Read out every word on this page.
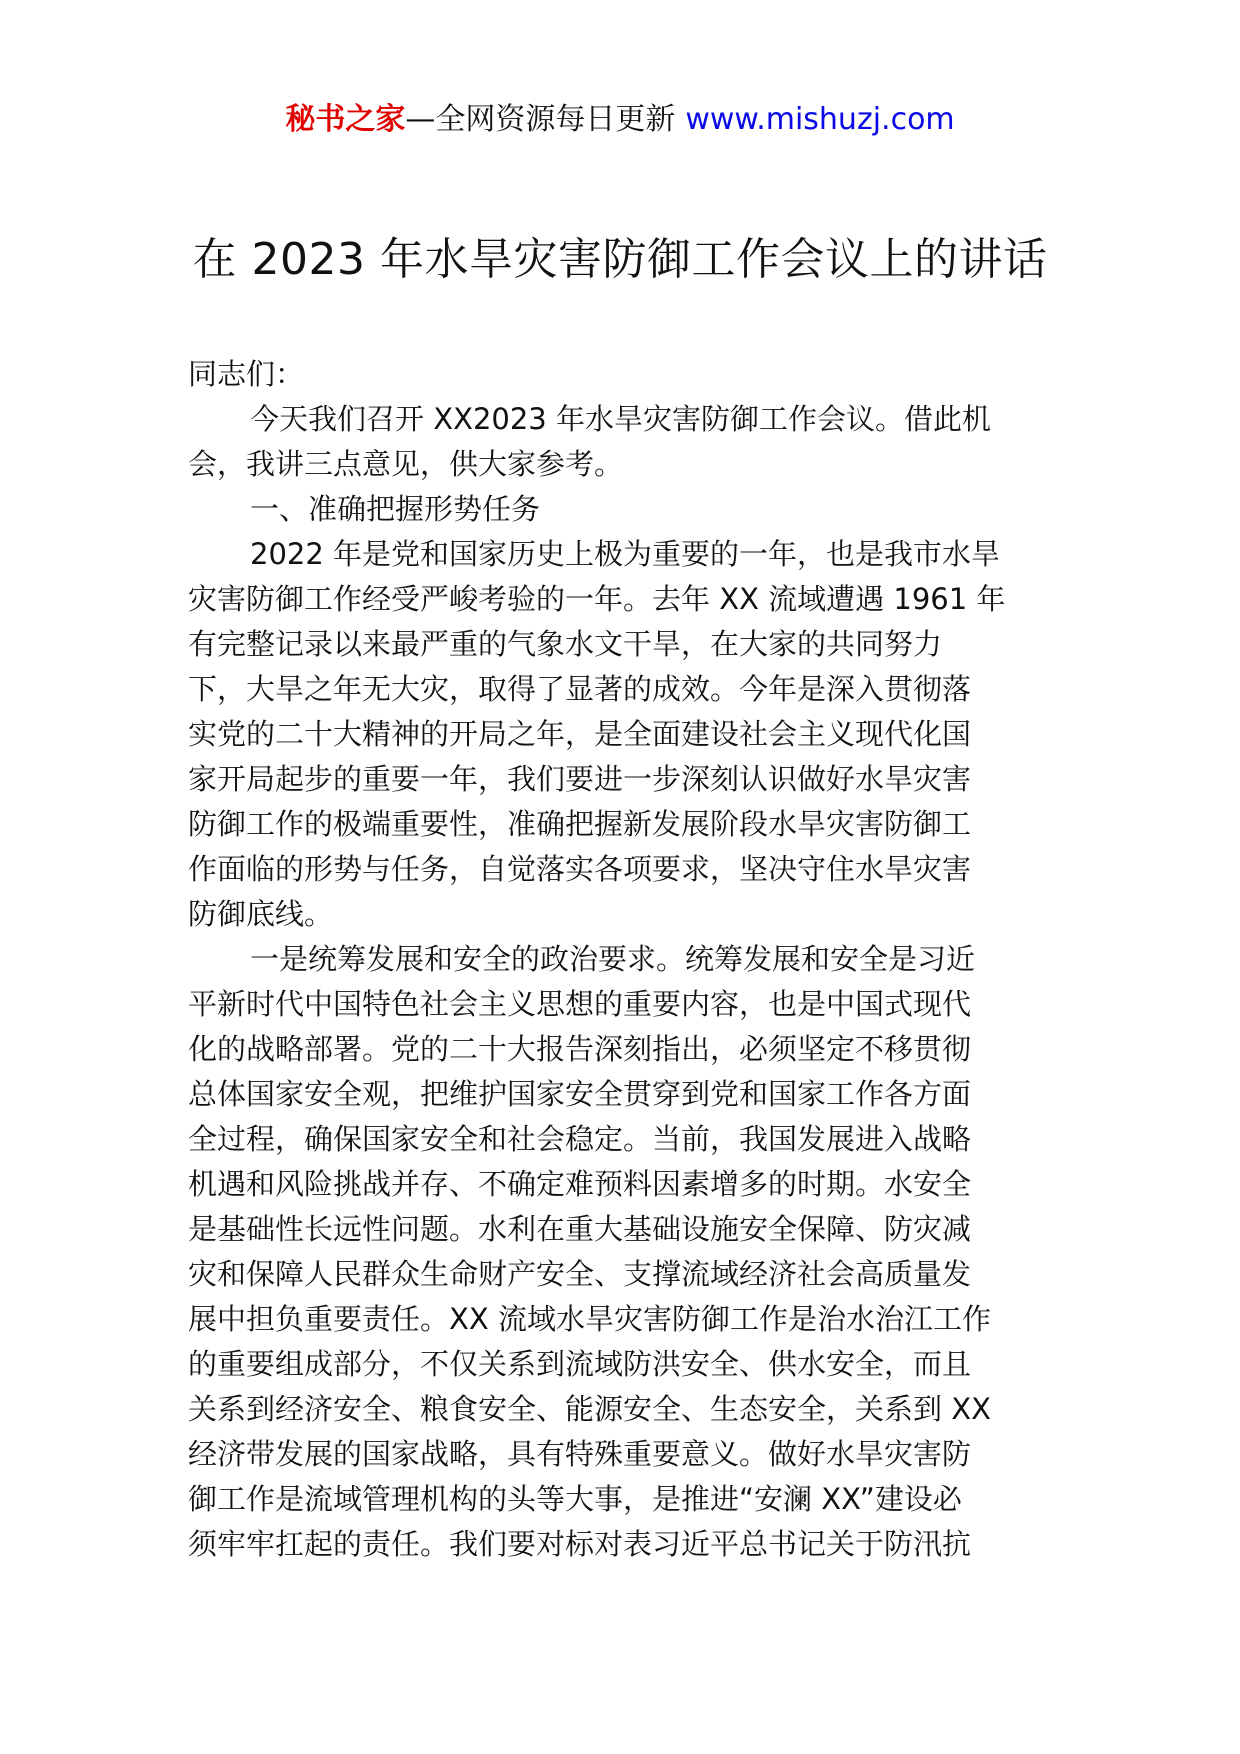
秘书之家—全网资源每日更新 www.mishuzj.com
在 2023 年水旱灾害防御工作会议上的讲话
同志们：
今天我们召开 XX2023 年水旱灾害防御工作会议。借此机
会，我讲三点意见，供大家参考。
一、准确把握形势任务
2022 年是党和国家历史上极为重要的一年，也是我市水旱
灾害防御工作经受严峻考验的一年。去年 XX 流域遭遇 1961 年
有完整记录以来最严重的气象水文干旱，在大家的共同努力
下，大旱之年无大灾，取得了显著的成效。今年是深入贯彻落
实党的二十大精神的开局之年，是全面建设社会主义现代化国
家开局起步的重要一年，我们要进一步深刻认识做好水旱灾害
防御工作的极端重要性，准确把握新发展阶段水旱灾害防御工
作面临的形势与任务，自觉落实各项要求，坚决守住水旱灾害
防御底线。
一是统筹发展和安全的政治要求。统筹发展和安全是习近
平新时代中国特色社会主义思想的重要内容，也是中国式现代
化的战略部署。党的二十大报告深刻指出，必须坚定不移贯彻
总体国家安全观，把维护国家安全贯穿到党和国家工作各方面
全过程，确保国家安全和社会稳定。当前，我国发展进入战略
机遇和风险挑战并存、不确定难预料因素增多的时期。水安全
是基础性长远性问题。水利在重大基础设施安全保障、防灾减
灾和保障人民群众生命财产安全、支撑流域经济社会高质量发
展中担负重要责任。XX 流域水旱灾害防御工作是治水治江工作
的重要组成部分，不仅关系到流域防洪安全、供水安全，而且
关系到经济安全、粮食安全、能源安全、生态安全，关系到 XX
经济带发展的国家战略，具有特殊重要意义。做好水旱灾害防
御工作是流域管理机构的头等大事，是推进“安澜 XX”建设必
须牢牢扛起的责任。我们要对标对表习近平总书记关于防汛抗
